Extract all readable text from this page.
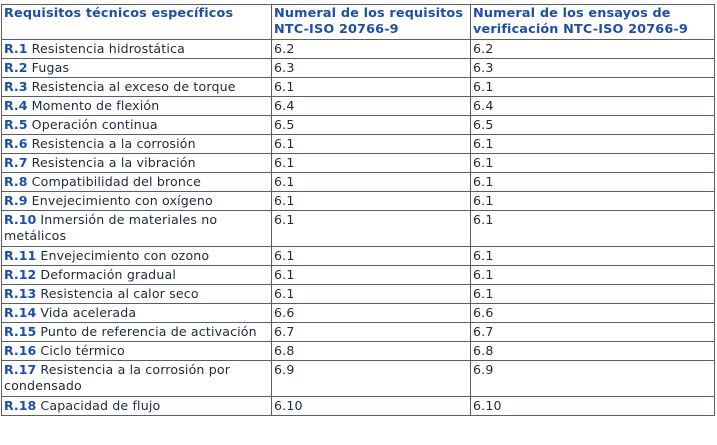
Requisitos técnicos específicos	Numeral de los requisitos NTC-ISO 20766-9	Numeral de los ensayos de verificación NTC-ISO 20766-9
R.1 Resistencia hidrostática	6.2	6.2
R.2 Fugas	6.3	6.3
R.3 Resistencia al exceso de torque	6.1	6.1
R.4 Momento de flexión	6.4	6.4
R.5 Operación continua	6.5	6.5
R.6 Resistencia a la corrosión	6.1	6.1
R.7 Resistencia a la vibración	6.1	6.1
R.8 Compatibilidad del bronce	6.1	6.1
R.9 Envejecimiento con oxígeno	6.1	6.1
R.10 Inmersión de materiales no metálicos	6.1	6.1
R.11 Envejecimiento con ozono	6.1	6.1
R.12 Deformación gradual	6.1	6.1
R.13 Resistencia al calor seco	6.1	6.1
R.14 Vida acelerada	6.6	6.6
R.15 Punto de referencia de activación	6.7	6.7
R.16 Ciclo térmico	6.8	6.8
R.17 Resistencia a la corrosión por condensado	6.9	6.9
R.18 Capacidad de flujo	6.10	6.10
